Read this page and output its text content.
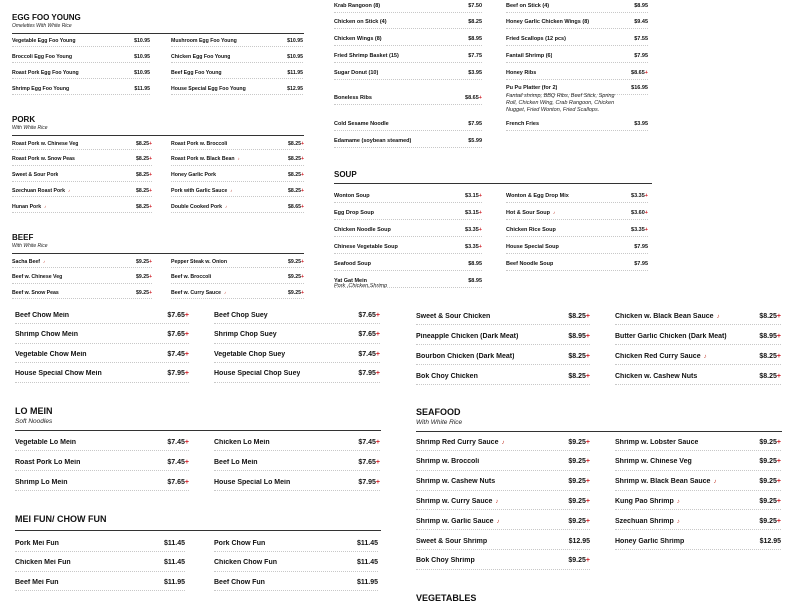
EGG FOO YOUNG
Omelettes With White Rice
Vegetable Egg Foo Young	$10.95
Broccoli Egg Foo Young	$10.95
Roast Pork Egg Foo Young	$10.95
Shrimp Egg Foo Young	$11.95
Mushroom Egg Foo Young	$10.95
Chicken Egg Foo Young	$10.95
Beef Egg Foo Young	$11.95
House Special Egg Foo Young	$12.95
PORK
With White Rice
Roast Pork w. Chinese Veg	$8.25+
Roast Pork w. Snow Peas	$8.25+
Sweet & Sour Pork	$8.25+
Szechuan Roast Pork ♪	$8.25+
Hunan Pork ♪	$8.25+
Roast Pork w. Broccoli	$8.25+
Roast Pork w. Black Bean ♪	$8.25+
Honey Garlic Pork	$8.25+
Pork with Garlic Sauce ♪	$8.25+
Double Cooked Pork ♪	$8.65+
BEEF
With White Rice
Sacha Beef ♪	$9.25+
Beef w. Chinese Veg	$9.25+
Beef w. Snow Peas	$9.25+
Pepper Steak w. Onion	$9.25+
Beef w. Broccoli	$9.25+
Beef w. Curry Sauce ♪	$9.25+
Krab Rangoon (8)	$7.50
Chicken on Stick (4)	$8.25
Chicken Wings (8)	$8.95
Fried Shrimp Basket (15)	$7.75
Sugar Donut (10)	$3.95
Boneless Ribs	$8.65+
Cold Sesame Noodle	$7.95
Edamame (soybean steamed)	$5.99
Beef on Stick (4)	$8.95
Honey Garlic Chicken Wings (8)	$9.45
Fried Scallops (12 pcs)	$7.55
Fantail Shrimp (6)	$7.95
Honey Ribs	$8.65+
Pu Pu Platter (for 2)	$16.95
French Fries	$3.95
Fantail shrimp, BBQ Ribs, Beef Stick, Spring Roll, Chicken Wing, Crab Rangoon, Chicken Nugget, Fried Wonton, Fried Scallops.
SOUP
Wonton Soup	$3.15+
Egg Drop Soup	$3.15+
Chicken Noodle Soup	$3.35+
Chinese Vegetable Soup	$3.35+
Seafood Soup	$8.95
Yat Gat Mein	$8.95
Wonton & Egg Drop Mix	$3.35+
Hot & Sour Soup ♪	$3.60+
Chicken Rice Soup	$3.35+
House Special Soup	$7.95
Beef Noodle Soup	$7.95
Pork ,Chicken,Shrimp
Beef Chow Mein	$7.65+
Shrimp Chow Mein	$7.65+
Vegetable Chow Mein	$7.45+
House Special Chow Mein	$7.95+
Beef Chop Suey	$7.65+
Shrimp Chop Suey	$7.65+
Vegetable Chop Suey	$7.45+
House Special Chop Suey	$7.95+
Sweet & Sour Chicken	$8.25+
Pineapple Chicken (Dark Meat)	$8.95+
Bourbon Chicken (Dark Meat)	$8.25+
Bok Choy Chicken	$8.25+
Chicken w. Black Bean Sauce ♪	$8.25+
Butter Garlic Chicken (Dark Meat)	$8.95+
Chicken Red Curry Sauce ♪	$8.25+
Chicken w. Cashew Nuts	$8.25+
LO MEIN
Soft Noodles
Vegetable Lo Mein	$7.45+
Roast Pork Lo Mein	$7.45+
Shrimp Lo Mein	$7.65+
Chicken Lo Mein	$7.45+
Beef Lo Mein	$7.65+
House Special Lo Mein	$7.95+
MEI FUN/ CHOW FUN
Pork Mei Fun	$11.45
Chicken Mei Fun	$11.45
Beef Mei Fun	$11.95
Pork Chow Fun	$11.45
Chicken Chow Fun	$11.45
Beef Chow Fun	$11.95
SEAFOOD
With White Rice
Shrimp Red Curry Sauce ♪	$9.25+
Shrimp w. Broccoli	$9.25+
Shrimp w. Cashew Nuts	$9.25+
Shrimp w. Curry Sauce ♪	$9.25+
Shrimp w. Garlic Sauce ♪	$9.25+
Sweet & Sour Shrimp	$12.95
Bok Choy Shrimp	$9.25+
Shrimp w. Lobster Sauce	$9.25+
Shrimp w. Chinese Veg	$9.25+
Shrimp w. Black Bean Sauce ♪	$9.25+
Kung Pao Shrimp ♪	$9.25+
Szechuan Shrimp ♪	$9.25+
Honey Garlic Shrimp	$12.95
VEGETABLES
